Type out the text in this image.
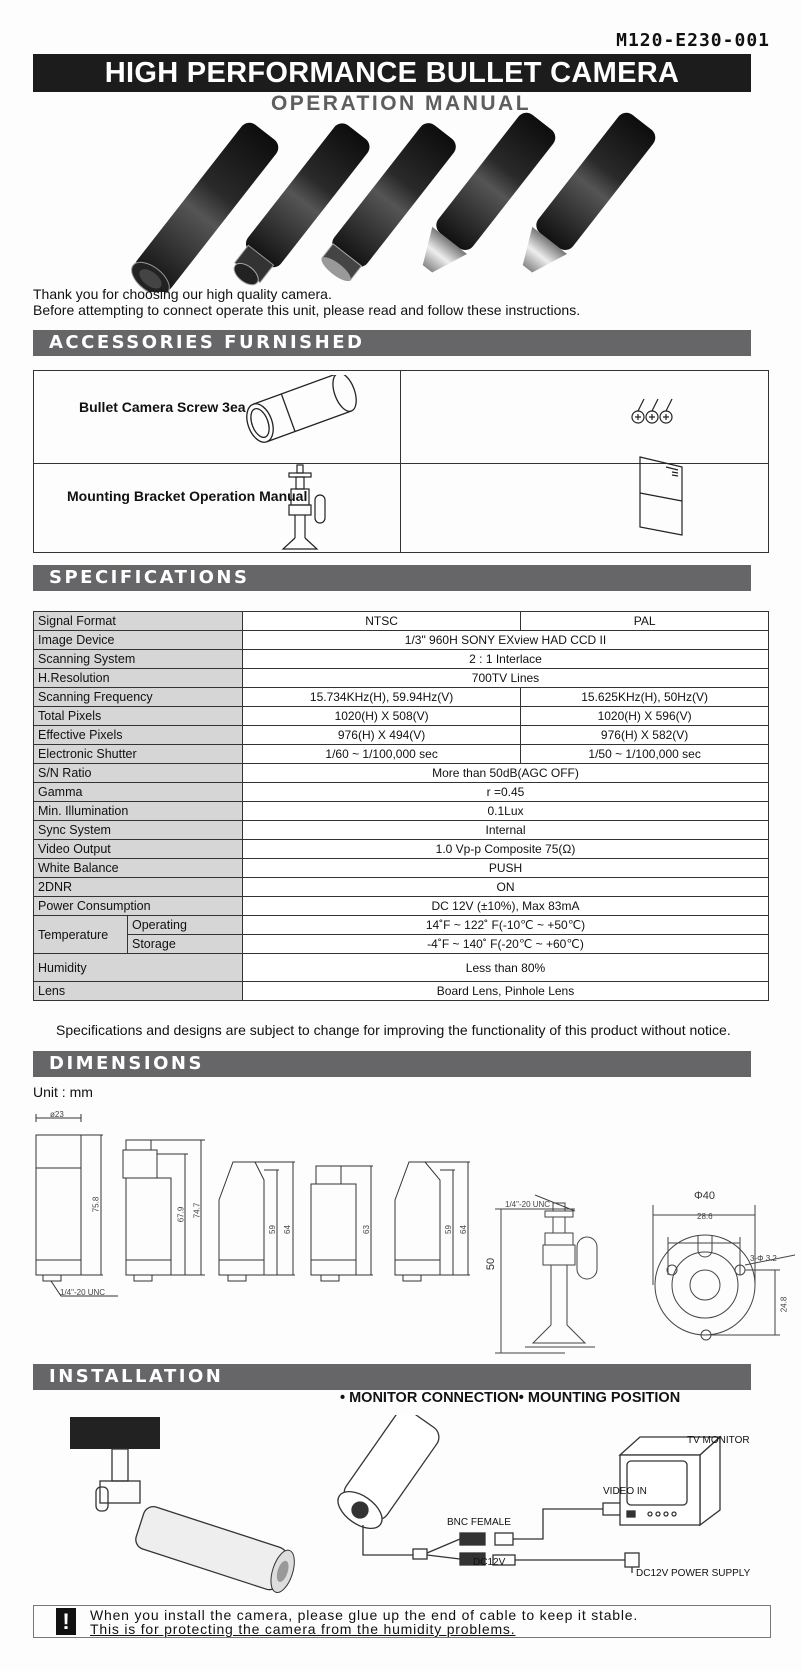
M120-E230-001
HIGH PERFORMANCE BULLET CAMERA
OPERATION MANUAL
Thank you for choosing our high quality camera.
Before attempting to connect operate this unit, please read and follow these instructions.
ACCESSORIES FURNISHED
Bullet Camera Screw 3ea
Mounting Bracket Operation Manual
SPECIFICATIONS
Signal Format		NTSC	PAL
Image Device		1/3" 960H SONY EXview HAD CCD II	
Scanning System		2 : 1 Interlace	
H.Resolution		700TV Lines	
Scanning Frequency		15.734KHz(H), 59.94Hz(V)	15.625KHz(H), 50Hz(V)
Total Pixels		1020(H) X 508(V)	1020(H) X 596(V)
Effective Pixels		976(H) X 494(V)	976(H) X 582(V)
Electronic Shutter		1/60 ~ 1/100,000 sec	1/50 ~ 1/100,000 sec
S/N Ratio		More than 50dB(AGC OFF)	
Gamma		r =0.45	
Min. Illumination		0.1Lux	
Sync System		Internal	
Video Output		1.0 Vp-p Composite 75(Ω)	
White Balance		PUSH	
2DNR		ON	
Power Consumption		DC 12V (±10%), Max 83mA	
Temperature	Operating	14˚F ~ 122˚ F(-10℃ ~ +50℃)	
	Storage	-4˚F ~ 140˚ F(-20℃ ~ +60℃)	
Humidity		Less than 80%	
Lens		Board Lens, Pinhole Lens	
Specifications and designs are subject to change for improving the functionality of this product without notice.
DIMENSIONS
Unit : mm
ø23
1/4"-20 UNC
75.8
67.9 74.7
59 64	63	59 64
1/4"-20 UNC
50
Φ40
28.6
3-Φ 3.2
24.8
INSTALLATION
• MONITOR CONNECTION• MOUNTING POSITION
TV MONITOR
VIDEO IN
BNC FEMALE
DC12V
DC12V POWER SUPPLY
!	When you install the camera, please glue up the end of cable to keep it stable.
This is for protecting the camera from the humidity problems.
